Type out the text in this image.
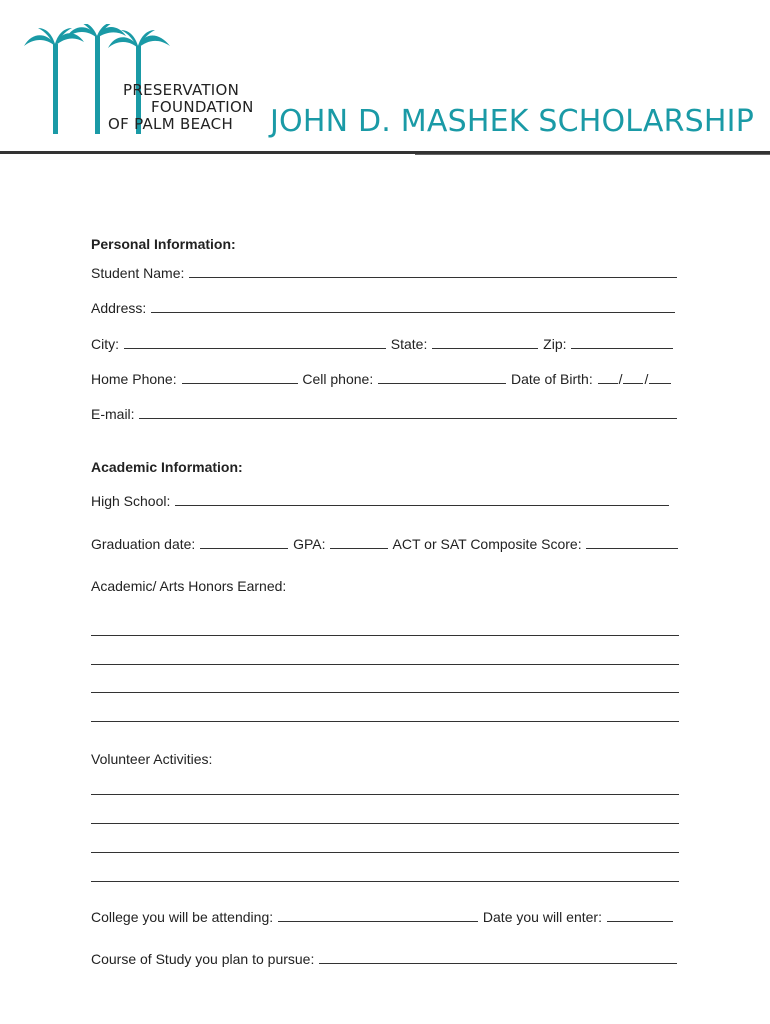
PRESERVATION
FOUNDATION
OF PALM BEACH	JOHN D. MASHEK SCHOLARSHIP
Personal Information:
Student Name:
Address:
City:	State:	Zip:
Home Phone:	Cell phone:	Date of Birth: / /
E-mail:
Academic Information:
High School:
Graduation date:	GPA:	ACT or SAT Composite Score:
Academic/ Arts Honors Earned:
Volunteer Activities:
College you will be attending:	Date you will enter:
Course of Study you plan to pursue:
